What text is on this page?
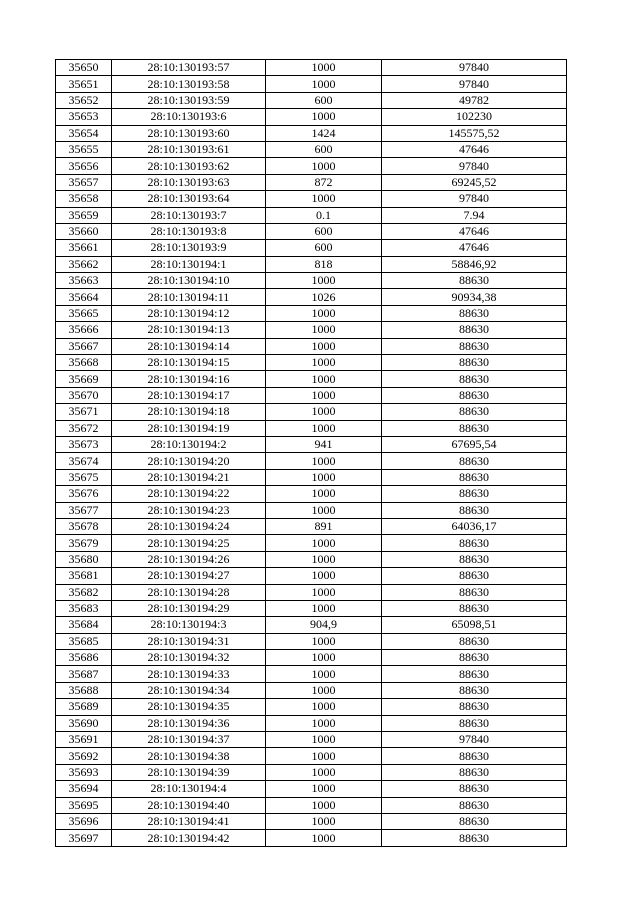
35650	28:10:130193:57	1000	97840
35651	28:10:130193:58	1000	97840
35652	28:10:130193:59	600	49782
35653	28:10:130193:6	1000	102230
35654	28:10:130193:60	1424	145575,52
35655	28:10:130193:61	600	47646
35656	28:10:130193:62	1000	97840
35657	28:10:130193:63	872	69245,52
35658	28:10:130193:64	1000	97840
35659	28:10:130193:7	0.1	7.94
35660	28:10:130193:8	600	47646
35661	28:10:130193:9	600	47646
35662	28:10:130194:1	818	58846,92
35663	28:10:130194:10	1000	88630
35664	28:10:130194:11	1026	90934,38
35665	28:10:130194:12	1000	88630
35666	28:10:130194:13	1000	88630
35667	28:10:130194:14	1000	88630
35668	28:10:130194:15	1000	88630
35669	28:10:130194:16	1000	88630
35670	28:10:130194:17	1000	88630
35671	28:10:130194:18	1000	88630
35672	28:10:130194:19	1000	88630
35673	28:10:130194:2	941	67695,54
35674	28:10:130194:20	1000	88630
35675	28:10:130194:21	1000	88630
35676	28:10:130194:22	1000	88630
35677	28:10:130194:23	1000	88630
35678	28:10:130194:24	891	64036,17
35679	28:10:130194:25	1000	88630
35680	28:10:130194:26	1000	88630
35681	28:10:130194:27	1000	88630
35682	28:10:130194:28	1000	88630
35683	28:10:130194:29	1000	88630
35684	28:10:130194:3	904,9	65098,51
35685	28:10:130194:31	1000	88630
35686	28:10:130194:32	1000	88630
35687	28:10:130194:33	1000	88630
35688	28:10:130194:34	1000	88630
35689	28:10:130194:35	1000	88630
35690	28:10:130194:36	1000	88630
35691	28:10:130194:37	1000	97840
35692	28:10:130194:38	1000	88630
35693	28:10:130194:39	1000	88630
35694	28:10:130194:4	1000	88630
35695	28:10:130194:40	1000	88630
35696	28:10:130194:41	1000	88630
35697	28:10:130194:42	1000	88630
